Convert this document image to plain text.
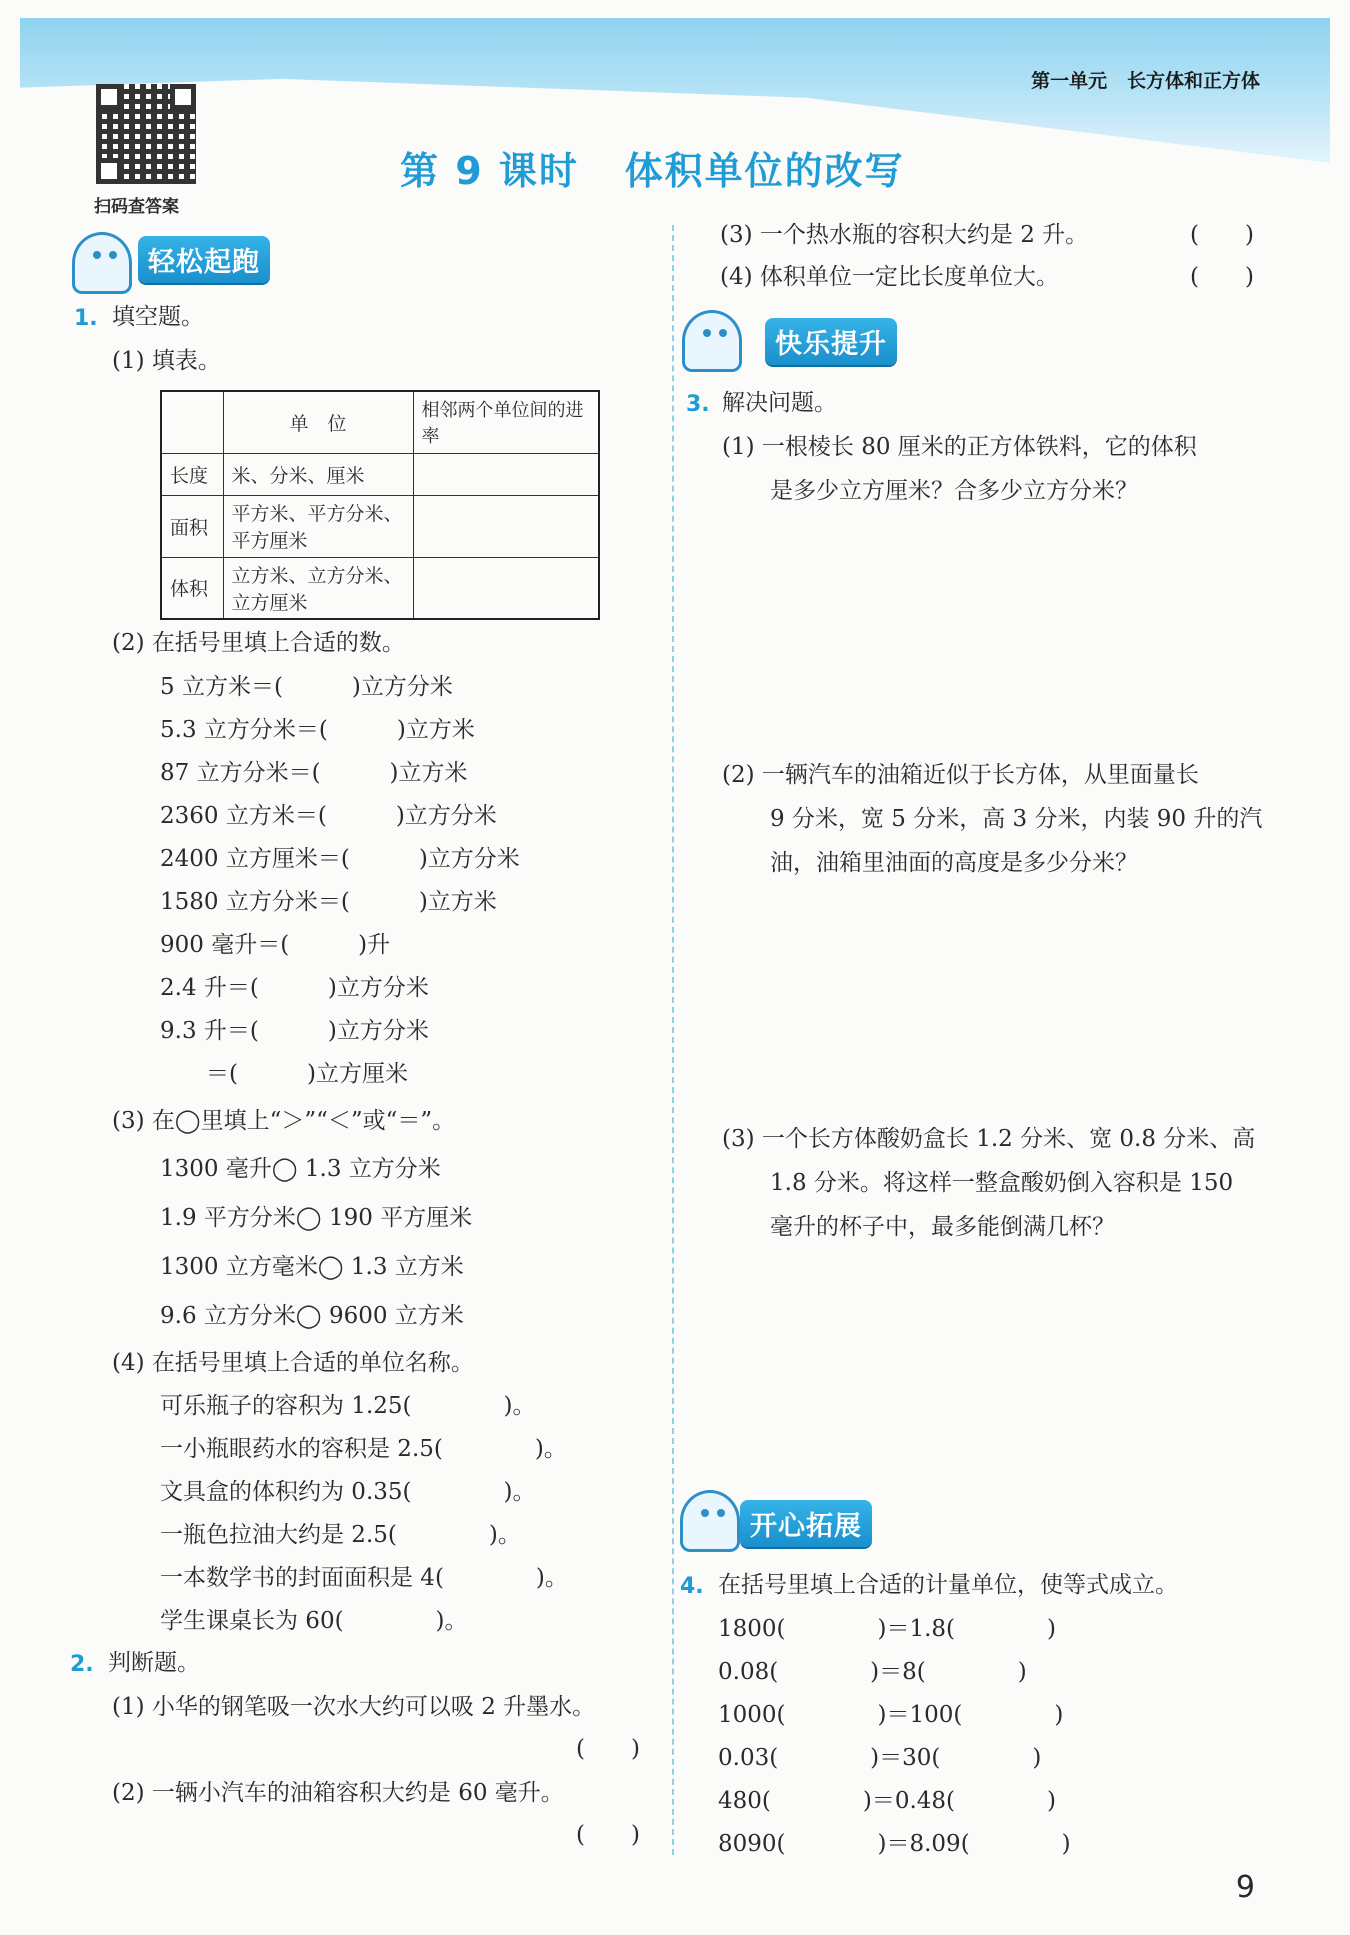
第一单元 长方体和正方体
扫码查答案
第 9 课时 体积单位的改写
轻松起跑
1. 填空题。
(1) 填表。
	单　位	相邻两个单位间的进率
长度	米、分米、厘米	
面积	平方米、平方分米、平方厘米	
体积	立方米、立方分米、立方厘米	
(2) 在括号里填上合适的数。
5 立方米＝(　　　)立方分米
5.3 立方分米＝(　　　)立方米
87 立方分米＝(　　　)立方米
2360 立方米＝(　　　)立方分米
2400 立方厘米＝(　　　)立方分米
1580 立方分米＝(　　　)立方米
900 毫升＝(　　　)升
2.4 升＝(　　　)立方分米
9.3 升＝(　　　)立方分米
　　＝(　　　)立方厘米
(3) 在◯里填上“＞”“＜”或“＝”。
1300 毫升◯ 1.3 立方分米
1.9 平方分米◯ 190 平方厘米
1300 立方毫米◯ 1.3 立方米
9.6 立方分米◯ 9600 立方米
(4) 在括号里填上合适的单位名称。
可乐瓶子的容积为 1.25(　　　　)。
一小瓶眼药水的容积是 2.5(　　　　)。
文具盒的体积约为 0.35(　　　　)。
一瓶色拉油大约是 2.5(　　　　)。
一本数学书的封面面积是 4(　　　　)。
学生课桌长为 60(　　　　)。
2. 判断题。
(1) 小华的钢笔吸一次水大约可以吸 2 升墨水。
(　　)
(2) 一辆小汽车的油箱容积大约是 60 毫升。
(　　)
(3) 一个热水瓶的容积大约是 2 升。	(　　)
(4) 体积单位一定比长度单位大。	(　　)
快乐提升
3. 解决问题。
(1) 一根棱长 80 厘米的正方体铁料，它的体积
是多少立方厘米？合多少立方分米？
(2) 一辆汽车的油箱近似于长方体，从里面量长
9 分米，宽 5 分米，高 3 分米，内装 90 升的汽
油，油箱里油面的高度是多少分米？
(3) 一个长方体酸奶盒长 1.2 分米、宽 0.8 分米、高
1.8 分米。将这样一整盒酸奶倒入容积是 150
毫升的杯子中，最多能倒满几杯？
开心拓展
4. 在括号里填上合适的计量单位，使等式成立。
1800(　　　　)＝1.8(　　　　)
0.08(　　　　)＝8(　　　　)
1000(　　　　)＝100(　　　　)
0.03(　　　　)＝30(　　　　)
480(　　　　)＝0.48(　　　　)
8090(　　　　)＝8.09(　　　　)
9
